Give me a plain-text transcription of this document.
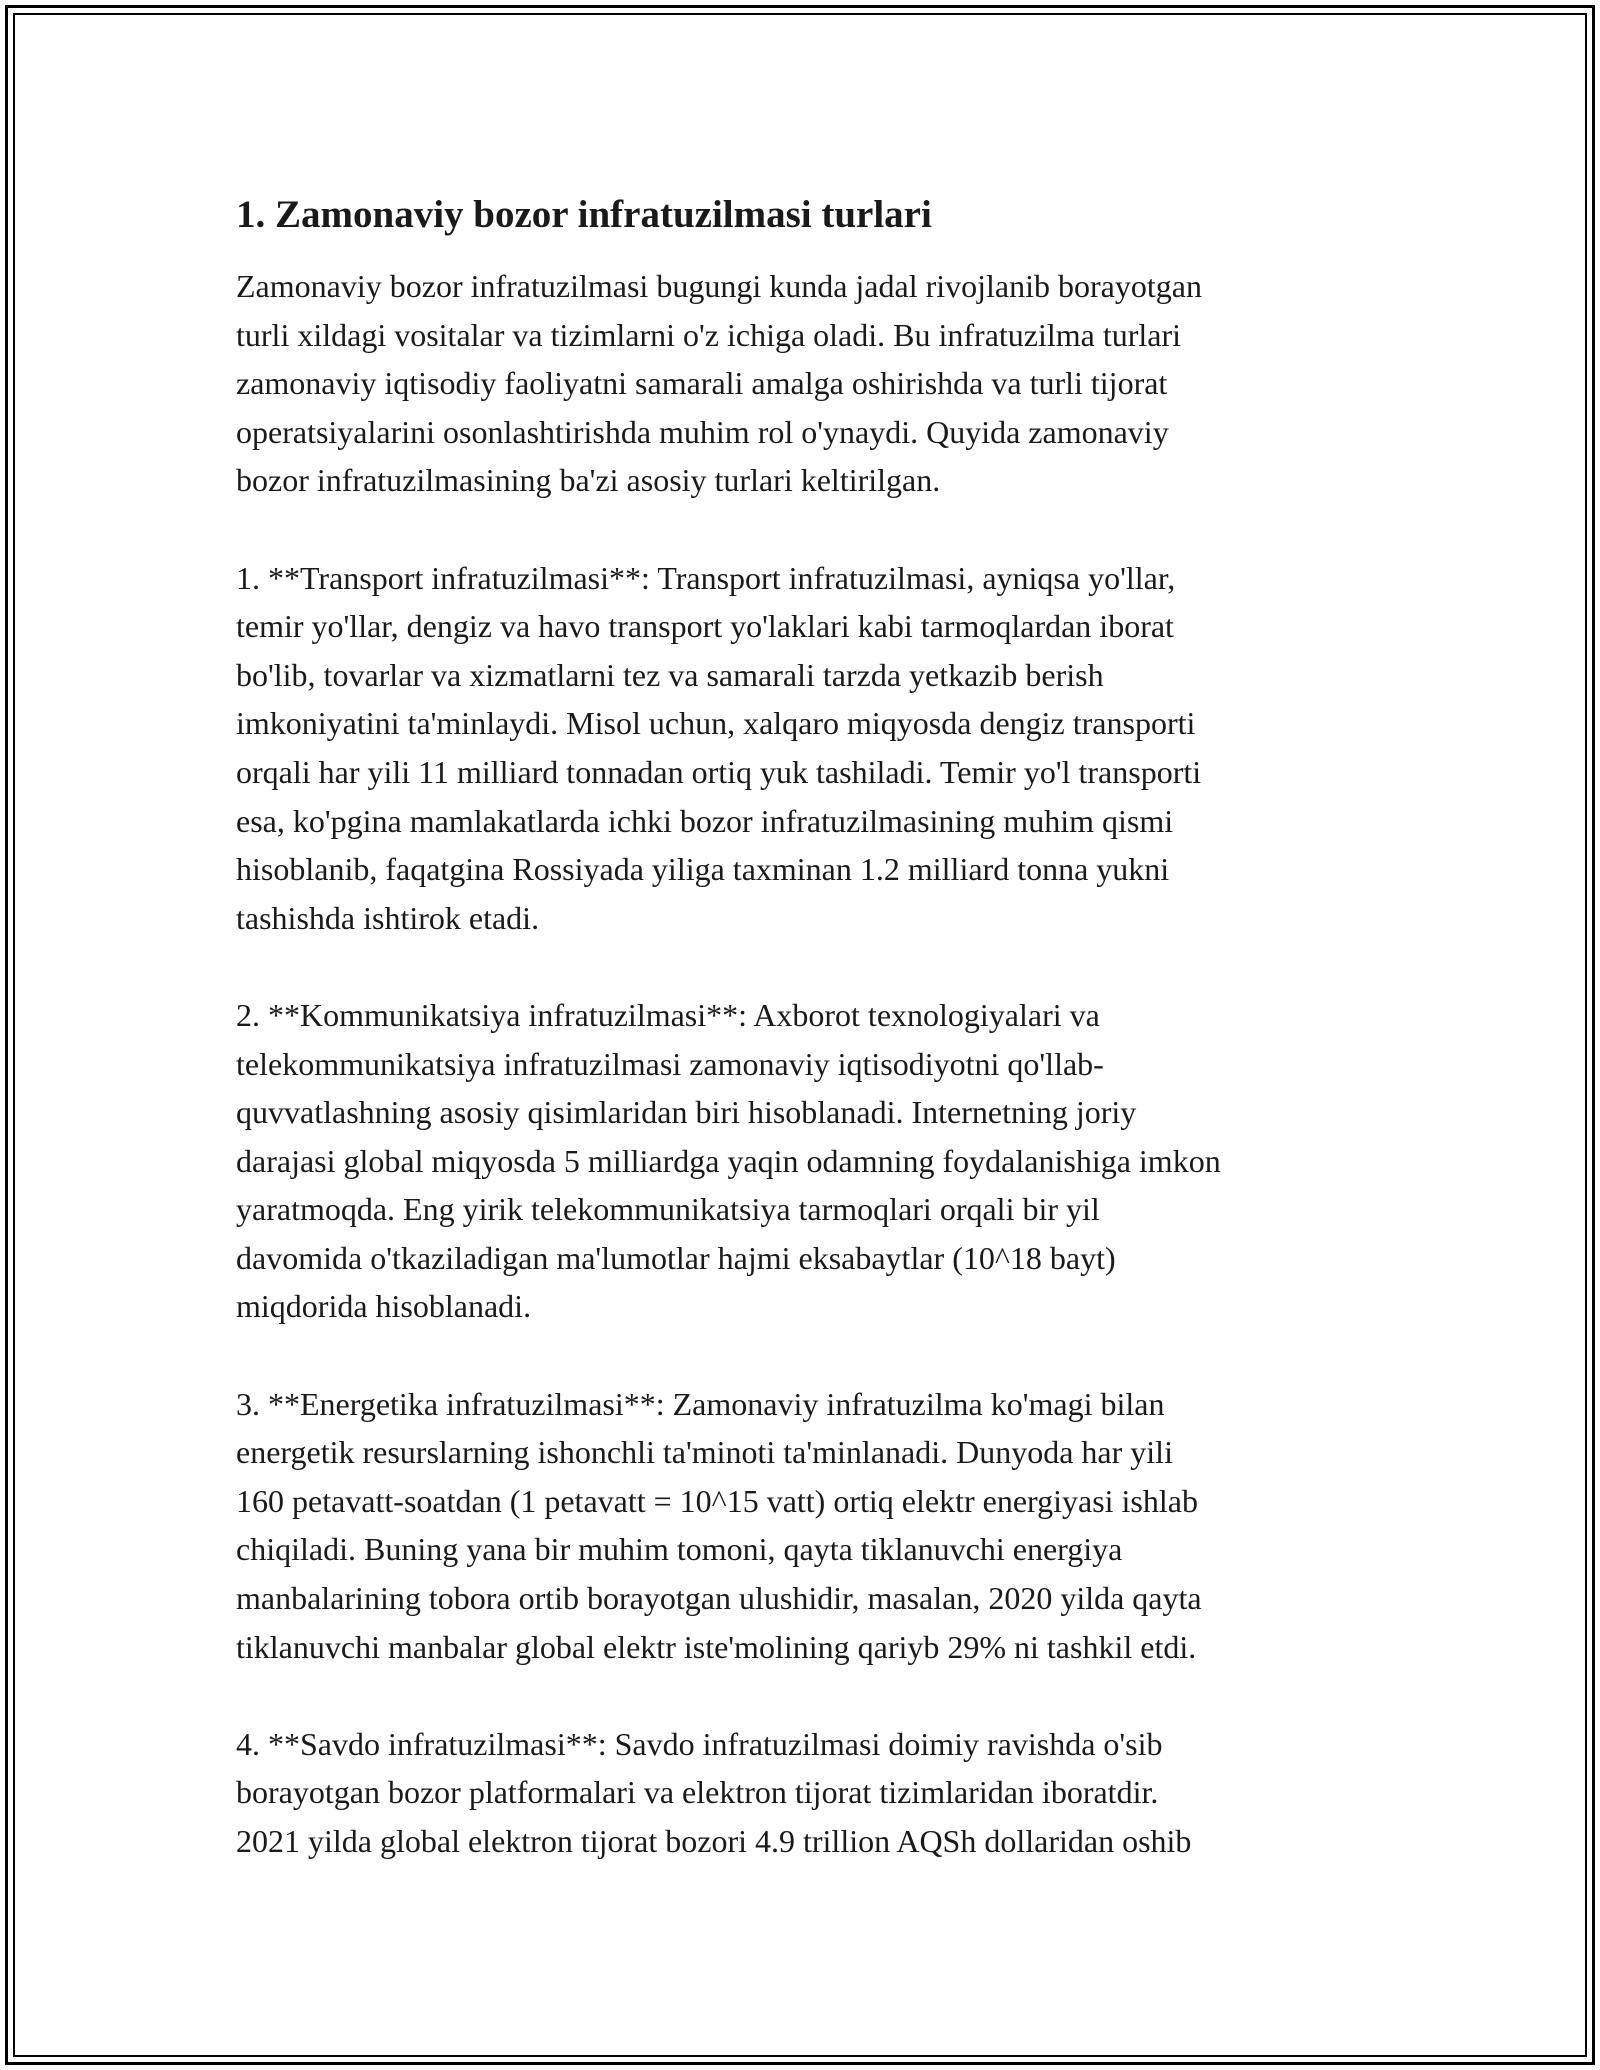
1. Zamonaviy bozor infratuzilmasi turlari

Zamonaviy bozor infratuzilmasi bugungi kunda jadal rivojlanib borayotgan
turli xildagi vositalar va tizimlarni o'z ichiga oladi. Bu infratuzilma turlari
zamonaviy iqtisodiy faoliyatni samarali amalga oshirishda va turli tijorat
operatsiyalarini osonlashtirishda muhim rol o'ynaydi. Quyida zamonaviy
bozor infratuzilmasining ba'zi asosiy turlari keltirilgan.

1. **Transport infratuzilmasi**: Transport infratuzilmasi, ayniqsa yo'llar,
temir yo'llar, dengiz va havo transport yo'laklari kabi tarmoqlardan iborat
bo'lib, tovarlar va xizmatlarni tez va samarali tarzda yetkazib berish
imkoniyatini ta'minlaydi. Misol uchun, xalqaro miqyosda dengiz transporti
orqali har yili 11 milliard tonnadan ortiq yuk tashiladi. Temir yo'l transporti
esa, ko'pgina mamlakatlarda ichki bozor infratuzilmasining muhim qismi
hisoblanib, faqatgina Rossiyada yiliga taxminan 1.2 milliard tonna yukni
tashishda ishtirok etadi.

2. **Kommunikatsiya infratuzilmasi**: Axborot texnologiyalari va
telekommunikatsiya infratuzilmasi zamonaviy iqtisodiyotni qo'llab-
quvvatlashning asosiy qisimlaridan biri hisoblanadi. Internetning joriy
darajasi global miqyosda 5 milliardga yaqin odamning foydalanishiga imkon
yaratmoqda. Eng yirik telekommunikatsiya tarmoqlari orqali bir yil
davomida o'tkaziladigan ma'lumotlar hajmi eksabaytlar (10^18 bayt)
miqdorida hisoblanadi.

3. **Energetika infratuzilmasi**: Zamonaviy infratuzilma ko'magi bilan
energetik resurslarning ishonchli ta'minoti ta'minlanadi. Dunyoda har yili
160 petavatt-soatdan (1 petavatt = 10^15 vatt) ortiq elektr energiyasi ishlab
chiqiladi. Buning yana bir muhim tomoni, qayta tiklanuvchi energiya
manbalarining tobora ortib borayotgan ulushidir, masalan, 2020 yilda qayta
tiklanuvchi manbalar global elektr iste'molining qariyb 29% ni tashkil etdi.

4. **Savdo infratuzilmasi**: Savdo infratuzilmasi doimiy ravishda o'sib
borayotgan bozor platformalari va elektron tijorat tizimlaridan iboratdir.
2021 yilda global elektron tijorat bozori 4.9 trillion AQSh dollaridan oshib
